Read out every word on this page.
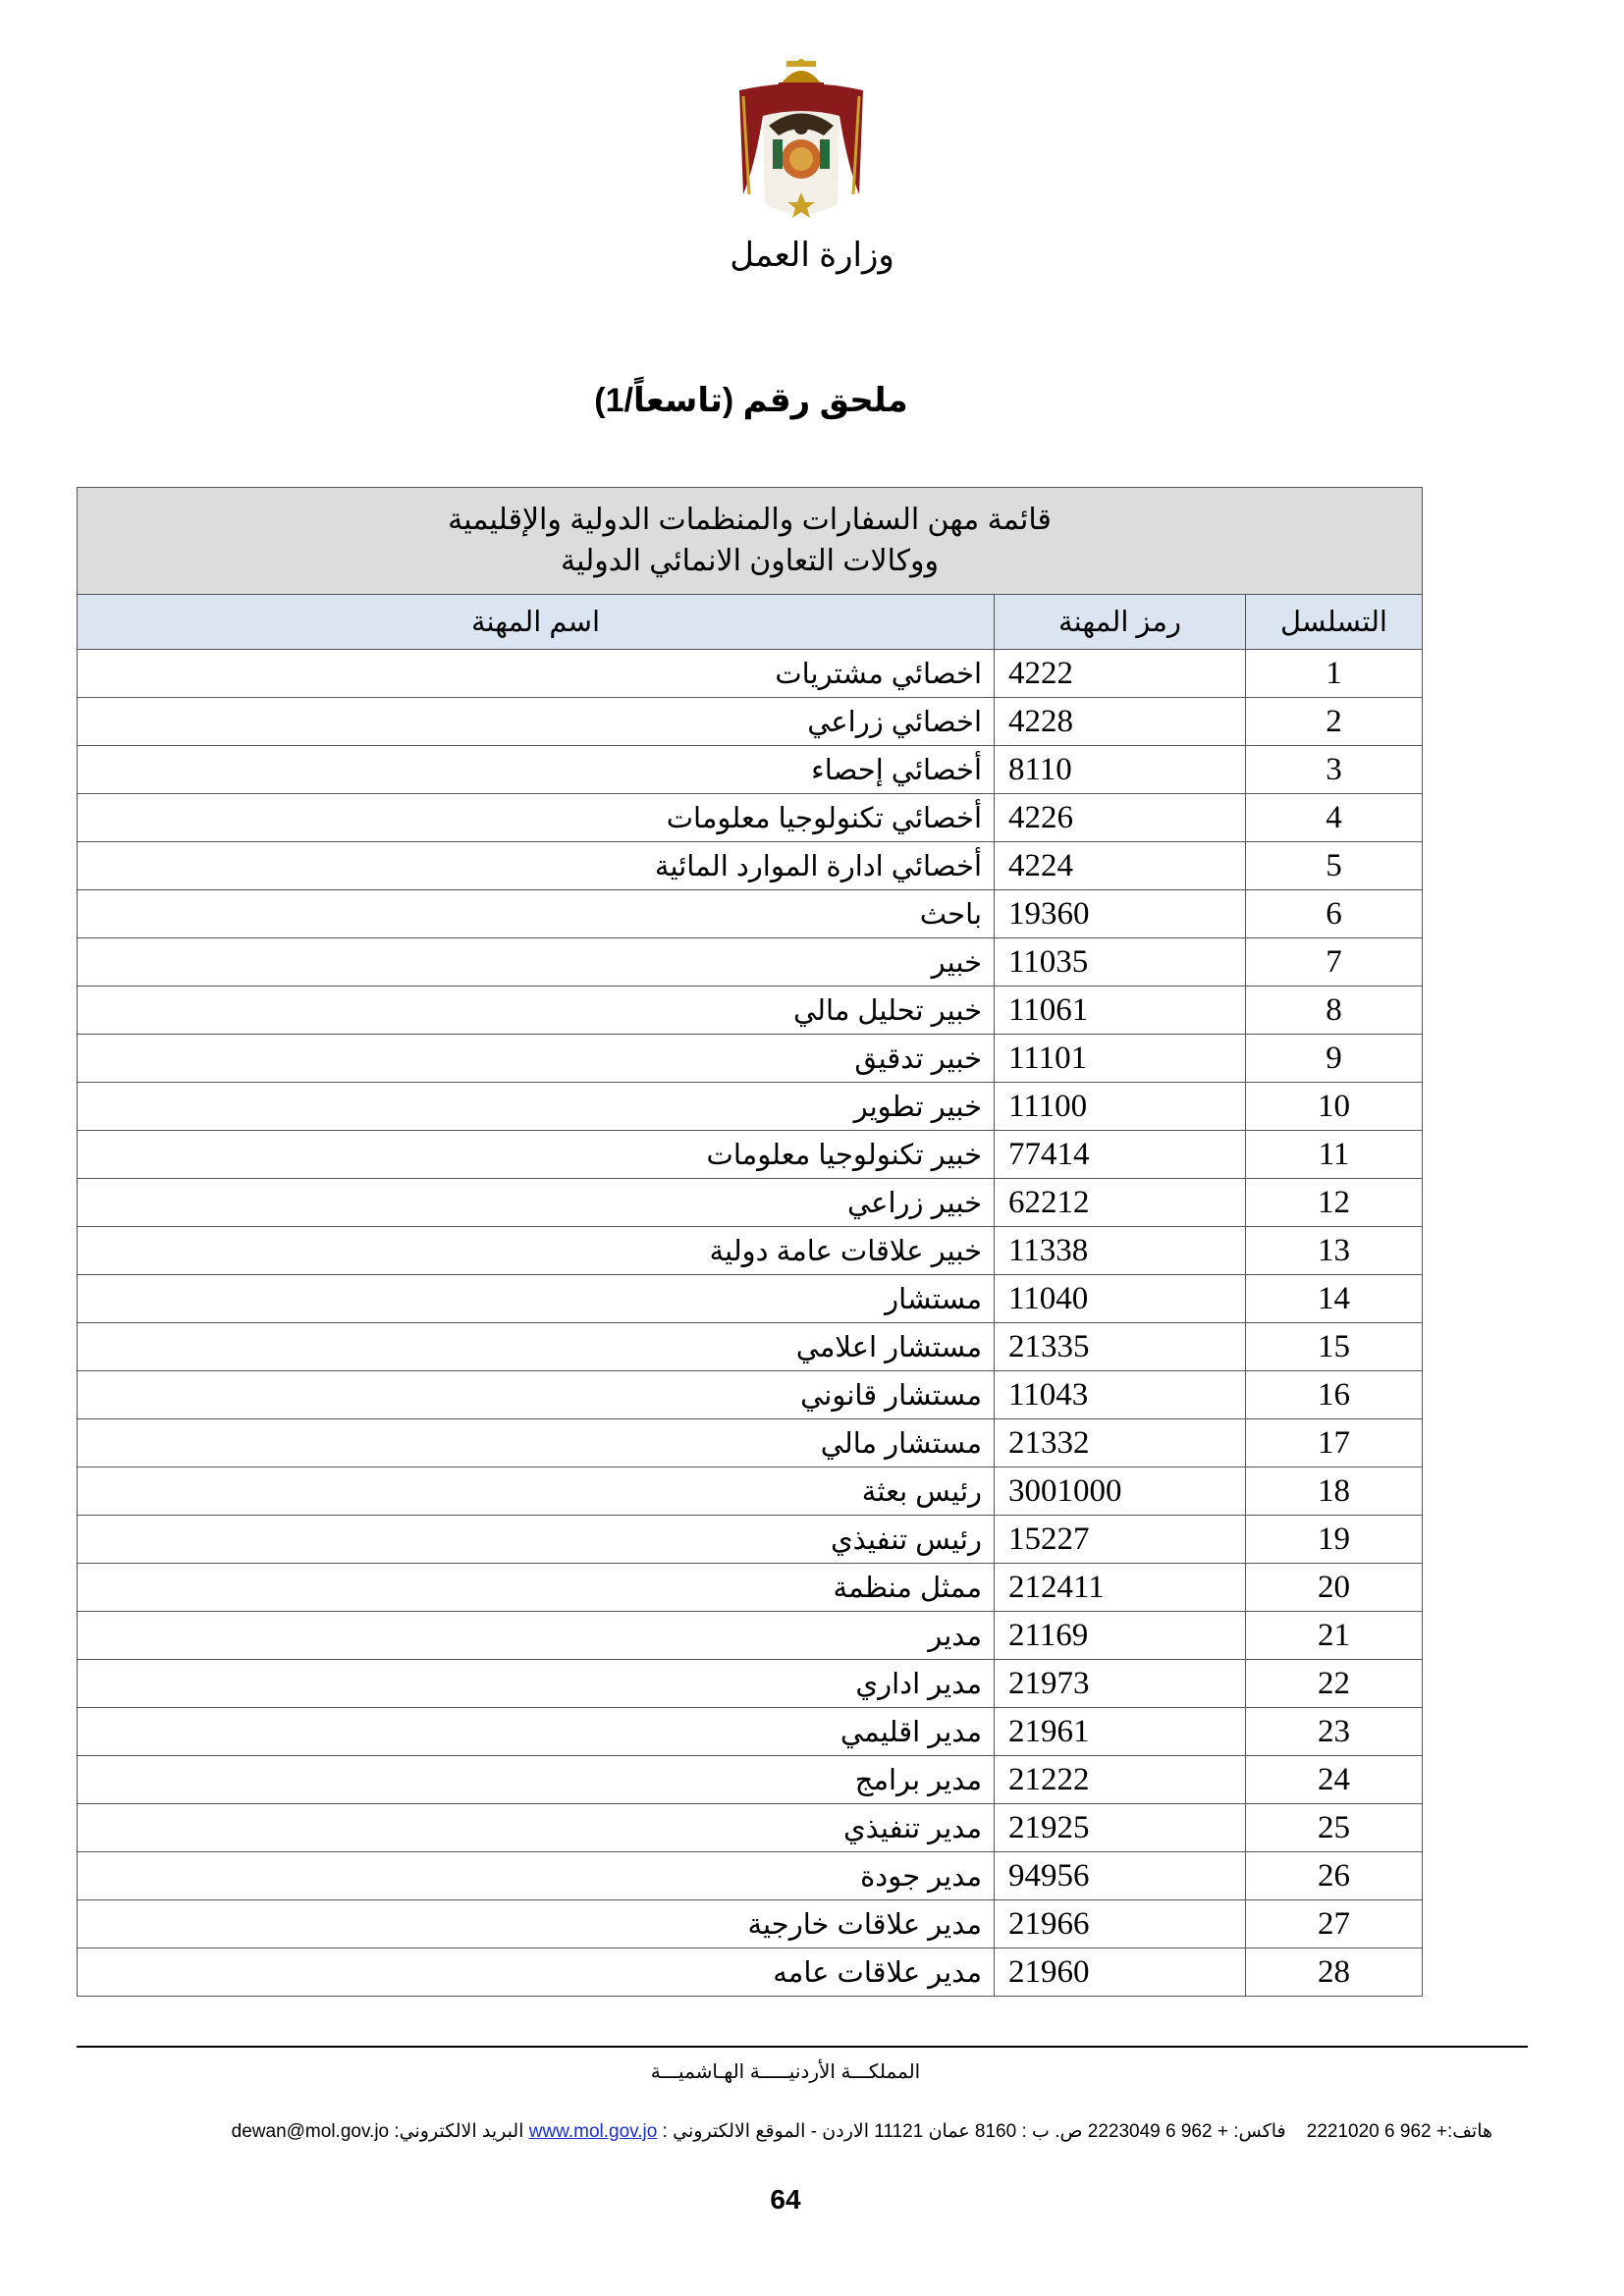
وزارة العمل
ملحق رقم (تاسعاً/1)
قائمة مهن السفارات والمنظمات الدولية والإقليمية
ووكالات التعاون الانمائي الدولية		

التسلسل	رمز المهنة	اسم المهنة
1	4222	اخصائي مشتريات
2	4228	اخصائي زراعي
3	8110	أخصائي إحصاء
4	4226	أخصائي تكنولوجيا معلومات
5	4224	أخصائي ادارة الموارد المائية
6	19360	باحث
7	11035	خبير
8	11061	خبير تحليل مالي
9	11101	خبير تدقيق
10	11100	خبير تطوير
11	77414	خبير تكنولوجيا معلومات
12	62212	خبير زراعي
13	11338	خبير علاقات عامة دولية
14	11040	مستشار
15	21335	مستشار اعلامي
16	11043	مستشار قانوني
17	21332	مستشار مالي
18	3001000	رئيس بعثة
19	15227	رئيس تنفيذي
20	212411	ممثل منظمة
21	21169	مدير
22	21973	مدير اداري
23	21961	مدير اقليمي
24	21222	مدير برامج
25	21925	مدير تنفيذي
26	94956	مدير جودة
27	21966	مدير علاقات خارجية
28	21960	مدير علاقات عامه
المملكـــة الأردنيـــــة الهـاشميـــة
هاتف:+ 962 6 2221020    فاكس: + 962 6 2223049 ص. ب : 8160 عمان 11121 الاردن - الموقع الالكتروني : www.mol.gov.jo البريد الالكتروني: dewan@mol.gov.jo
64
